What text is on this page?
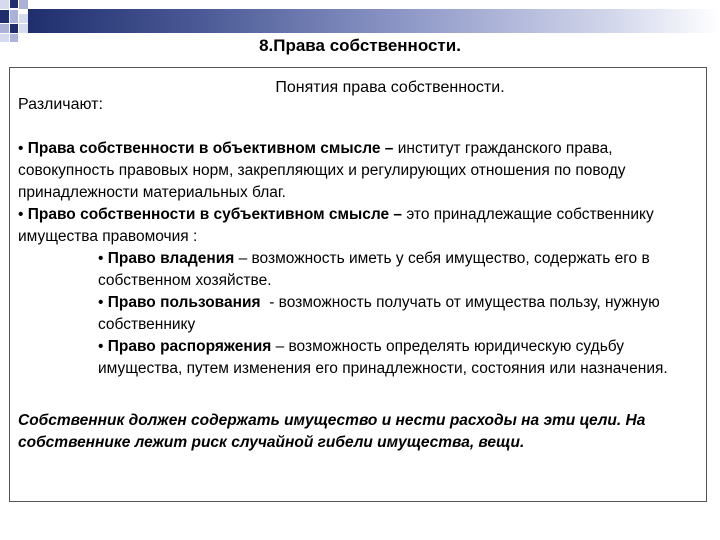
8.Права собственности.
Понятия права собственности.
Различают:

• Права собственности в объективном смысле – институт гражданского права, совокупность правовых норм, закрепляющих и регулирующих отношения по поводу принадлежности материальных благ.

• Право собственности в субъективном смысле – это принадлежащие собственнику имущества правомочия :

• Право владения – возможность иметь у себя имущество, содержать его в собственном хозяйстве.

• Право пользования  - возможность получать от имущества пользу, нужную собственнику

• Право распоряжения – возможность определять юридическую судьбу имущества, путем изменения его принадлежности, состояния или назначения.

Собственник должен содержать имущество и нести расходы на эти цели. На собственнике лежит риск случайной гибели имущества, вещи.
